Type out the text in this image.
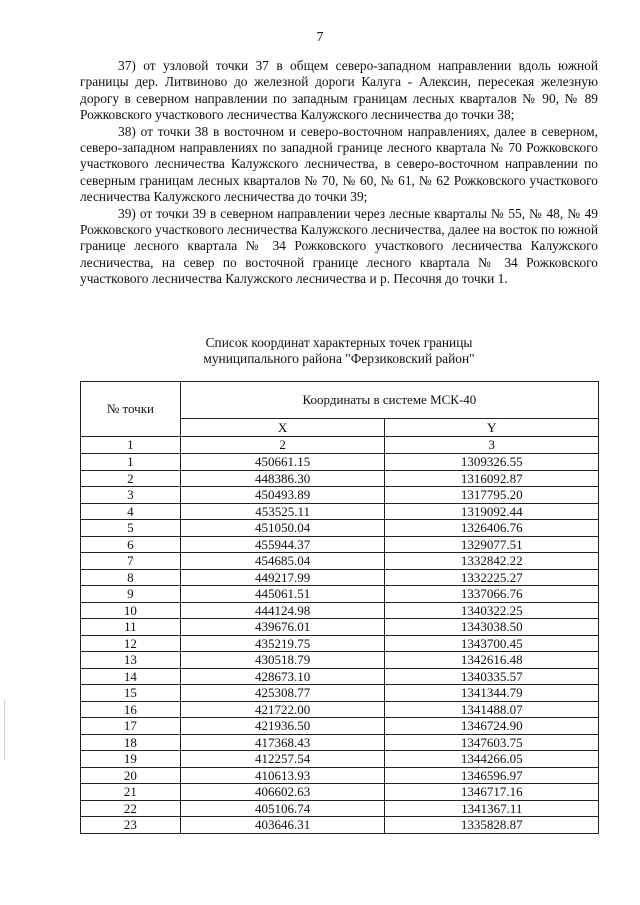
7

37) от узловой точки 37 в общем северо-западном направлении вдоль южной границы дер. Литвиново до железной дороги Калуга - Алексин, пересекая железную дорогу в северном направлении по западным границам лесных кварталов № 90, № 89 Рожковского участкового лесничества Калужского лесничества до точки 38;

38) от точки 38 в восточном и северо-восточном направлениях, далее в северном, северо-западном направлениях по западной границе лесного квартала № 70 Рожковского участкового лесничества Калужского лесничества, в северо-восточном направлении по северным границам лесных кварталов № 70, № 60, № 61, № 62 Рожковского участкового лесничества Калужского лесничества до точки 39;

39) от точки 39 в северном направлении через лесные кварталы № 55, № 48, № 49 Рожковского участкового лесничества Калужского лесничества, далее на восток по южной границе лесного квартала № 34 Рожковского участкового лесничества Калужского лесничества, на север по восточной границе лесного квартала № 34 Рожковского участкового лесничества Калужского лесничества и р. Песочня до точки 1.

Список координат характерных точек границы
муниципального района "Ферзиковский район"
№ точки	Координаты в системе МСК-40	
	X	Y
1	2	3
1	450661.15	1309326.55
2	448386.30	1316092.87
3	450493.89	1317795.20
4	453525.11	1319092.44
5	451050.04	1326406.76
6	455944.37	1329077.51
7	454685.04	1332842.22
8	449217.99	1332225.27
9	445061.51	1337066.76
10	444124.98	1340322.25
11	439676.01	1343038.50
12	435219.75	1343700.45
13	430518.79	1342616.48
14	428673.10	1340335.57
15	425308.77	1341344.79
16	421722.00	1341488.07
17	421936.50	1346724.90
18	417368.43	1347603.75
19	412257.54	1344266.05
20	410613.93	1346596.97
21	406602.63	1346717.16
22	405106.74	1341367.11
23	403646.31	1335828.87
